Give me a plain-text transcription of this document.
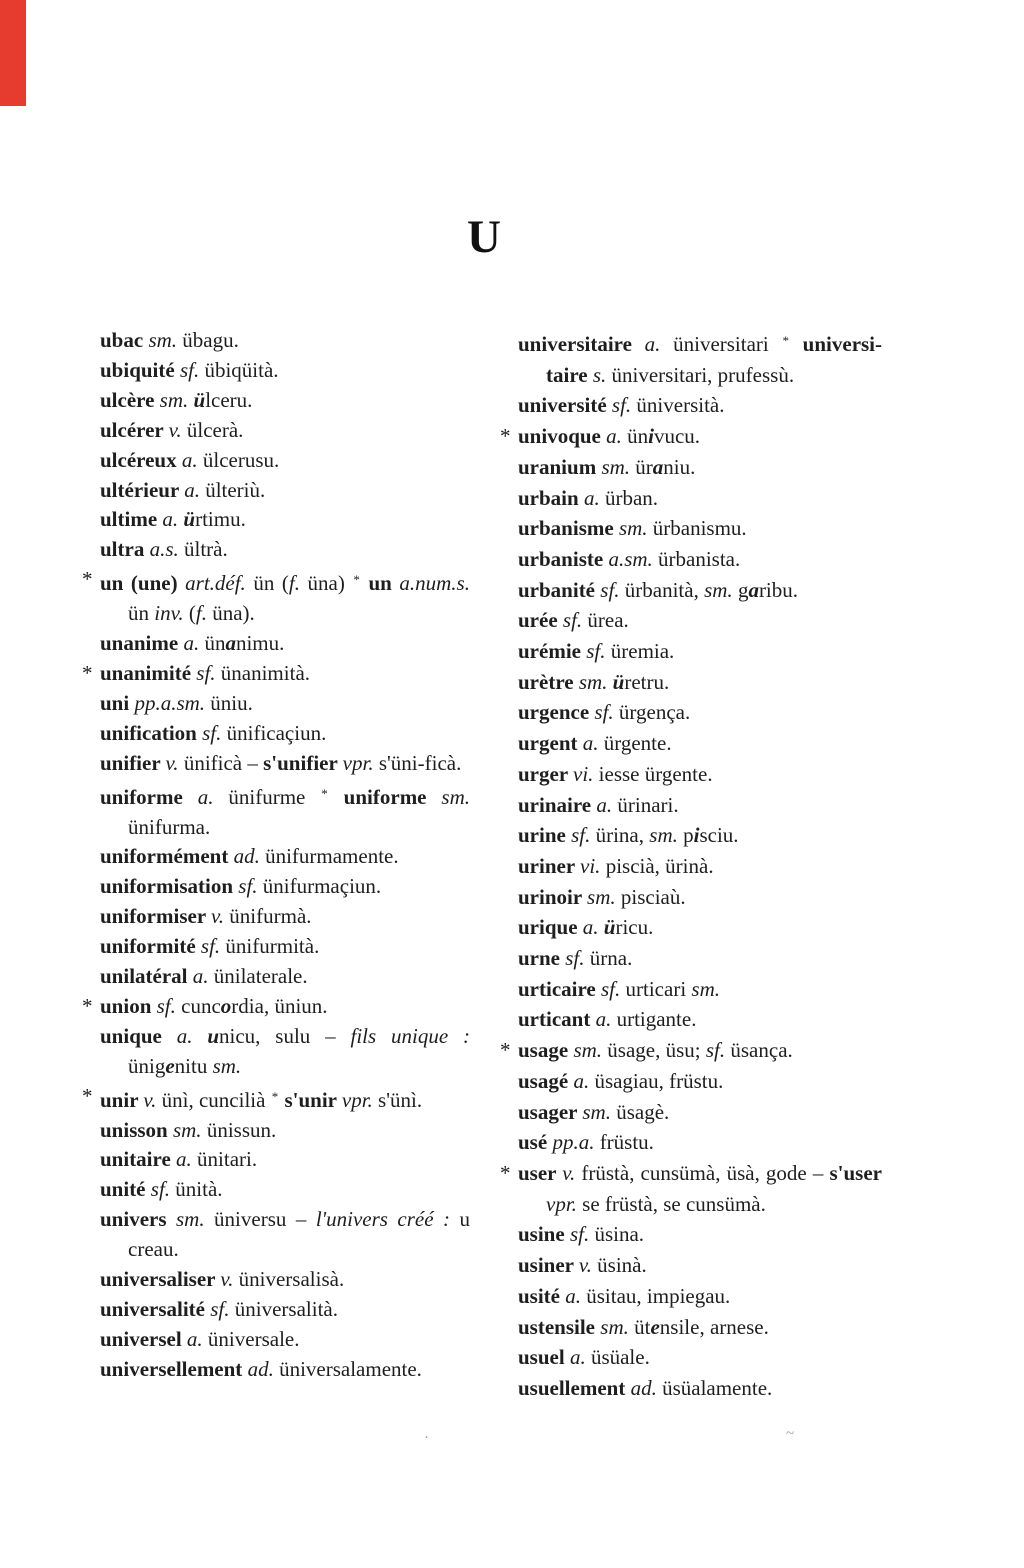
U

ubac sm. übagu.

ubiquité sf. übiqüità.

ulcère sm. ülceru.

ulcérer v. ülcerà.

ulcéreux a. ülcerusu.

ultérieur a. ülteriù.

ultime a. ürtimu.

ultra a.s. ültrà.

* un (une) art.déf. ün (f. üna) * un a.num.s. ün inv. (f. üna).

unanime a. ünanimu.

* unanimité sf. ünanimità.

uni pp.a.sm. üniu.

unification sf. ünificaçiun.

unifier v. ünificà – s'unifier vpr. s'üni-ficà.

uniforme a. ünifurme * uniforme sm. ünifurma.

uniformément ad. ünifurmamente.

uniformisation sf. ünifurmaçiun.

uniformiser v. ünifurmà.

uniformité sf. ünifurmità.

unilatéral a. ünilaterale.

* union sf. cuncordia, üniun.

unique a. unicu, sulu – fils unique : ünigenitu sm.

* unir v. ünì, cuncilià * s'unir vpr. s'ünì.

unisson sm. ünissun.

unitaire a. ünitari.

unité sf. ünità.

univers sm. üniversu – l'univers créé : u creau.

universaliser v. üniversalisà.

universalité sf. üniversalità.

universel a. üniversale.

universellement ad. üniversalamente.

universitaire a. üniversitari * universi-taire s. üniversitari, prufessù.

université sf. üniversità.

* univoque a. ünivucu.

uranium sm. üraniu.

urbain a. ürban.

urbanisme sm. ürbanismu.

urbaniste a.sm. ürbanista.

urbanité sf. ürbanità, sm. garibu.

urée sf. ürea.

urémie sf. üremia.

urètre sm. üretru.

urgence sf. ürgença.

urgent a. ürgente.

urger vi. iesse ürgente.

urinaire a. ürinari.

urine sf. ürina, sm. pisciu.

uriner vi. piscià, ürinà.

urinoir sm. pisciaù.

urique a. üricu.

urne sf. ürna.

urticaire sf. urticari sm.

urticant a. urtigante.

* usage sm. üsage, üsu; sf. üsança.

usagé a. üsagiau, früstu.

usager sm. üsagè.

usé pp.a. früstu.

* user v. früstà, cunsümà, üsà, gode – s'user vpr. se früstà, se cunsümà.

usine sf. üsina.

usiner v. üsinà.

usité a. üsitau, impiegau.

ustensile sm. ütensile, arnese.

usuel a. üsüale.

usuellement ad. üsüalamente.

·	~
